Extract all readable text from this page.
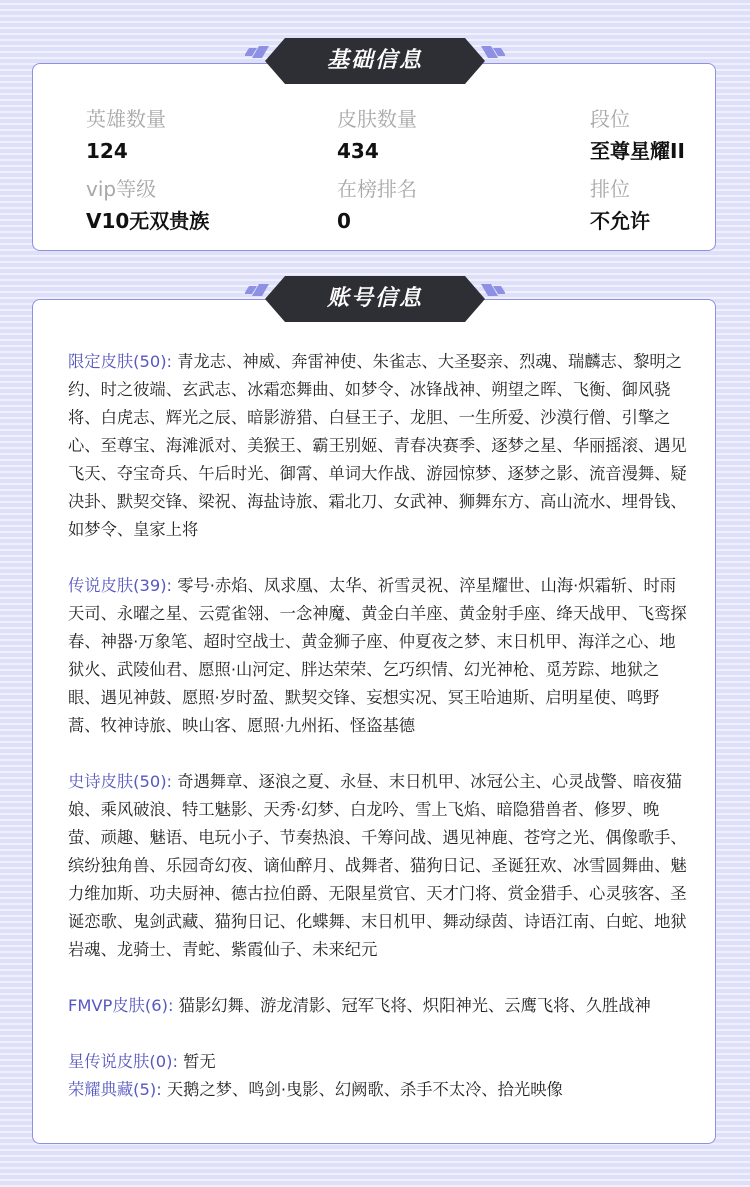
英雄数量
124
皮肤数量
434
段位
至尊星耀II
vip等级
V10无双贵族
在榜排名
0
排位
不允许
基础信息
账号信息

限定皮肤(50): 青龙志、神威、奔雷神使、朱雀志、大圣娶亲、烈魂、瑞麟志、黎明之约、时之彼端、玄武志、冰霜恋舞曲、如梦令、冰锋战神、朔望之晖、飞衡、御风骁将、白虎志、辉光之辰、暗影游猎、白昼王子、龙胆、一生所爱、沙漠行僧、引擎之心、至尊宝、海滩派对、美猴王、霸王别姬、青春决赛季、逐梦之星、华丽摇滚、遇见飞天、夺宝奇兵、午后时光、御霄、单词大作战、游园惊梦、逐梦之影、流音漫舞、疑决卦、默契交锋、梁祝、海盐诗旅、霜北刀、女武神、狮舞东方、高山流水、埋骨钱、如梦令、皇家上将

传说皮肤(39): 零号·赤焰、凤求凰、太华、祈雪灵祝、淬星耀世、山海·炽霜斩、时雨天司、永曜之星、云霓雀翎、一念神魔、黄金白羊座、黄金射手座、绛天战甲、飞鸾探春、神器·万象笔、超时空战士、黄金狮子座、仲夏夜之梦、末日机甲、海洋之心、地狱火、武陵仙君、愿照·山河定、胖达荣荣、乞巧织情、幻光神枪、觅芳踪、地狱之眼、遇见神鼓、愿照·岁时盈、默契交锋、妄想实况、冥王哈迪斯、启明星使、鸣野蒿、牧神诗旅、映山客、愿照·九州拓、怪盗基德

史诗皮肤(50): 奇遇舞章、逐浪之夏、永昼、末日机甲、冰冠公主、心灵战警、暗夜猫娘、乘风破浪、特工魅影、天秀·幻梦、白龙吟、雪上飞焰、暗隐猎兽者、修罗、晚萤、顽趣、魅语、电玩小子、节奏热浪、千筹问战、遇见神鹿、苍穹之光、偶像歌手、缤纷独角兽、乐园奇幻夜、谪仙醉月、战舞者、猫狗日记、圣诞狂欢、冰雪圆舞曲、魅力维加斯、功夫厨神、德古拉伯爵、无限星赏官、天才门将、赏金猎手、心灵骇客、圣诞恋歌、鬼剑武藏、猫狗日记、化蝶舞、末日机甲、舞动绿茵、诗语江南、白蛇、地狱岩魂、龙骑士、青蛇、紫霞仙子、未来纪元

FMVP皮肤(6): 猫影幻舞、游龙清影、冠军飞将、炽阳神光、云鹰飞将、久胜战神

星传说皮肤(0): 暂无

荣耀典藏(5): 天鹅之梦、鸣剑·曳影、幻阙歌、杀手不太冷、拾光映像
